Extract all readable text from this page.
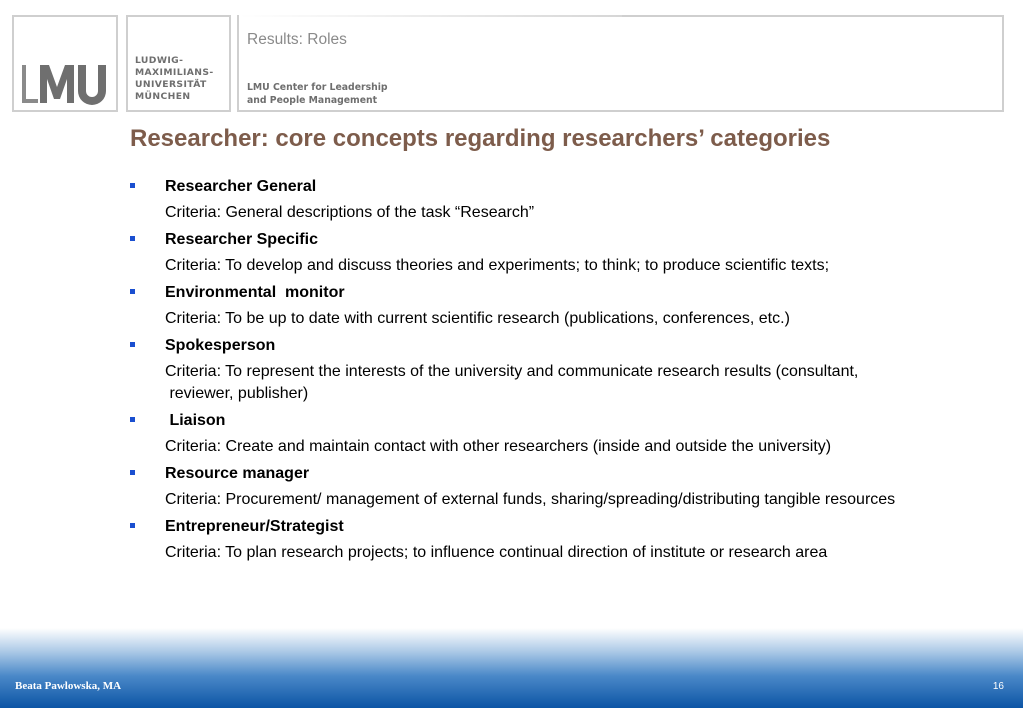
LUDWIG-
MAXIMILIANS-
UNIVERSITÄT
MÜNCHEN
Results: Roles
LMU Center for Leadership
and People Management
Researcher: core concepts regarding researchers’ categories
Researcher General
Criteria: General descriptions of the task “Research”
Researcher Specific
Criteria: To develop and discuss theories and experiments; to think; to produce scientific texts;
Environmental  monitor
Criteria: To be up to date with current scientific research (publications, conferences, etc.)
Spokesperson
Criteria: To represent the interests of the university and communicate research results (consultant,
reviewer, publisher)
Liaison
Criteria: Create and maintain contact with other researchers (inside and outside the university)
Resource manager
Criteria: Procurement/ management of external funds, sharing/spreading/distributing tangible resources
Entrepreneur/Strategist
Criteria: To plan research projects; to influence continual direction of institute or research area
Beata Pawlowska, MA	16
